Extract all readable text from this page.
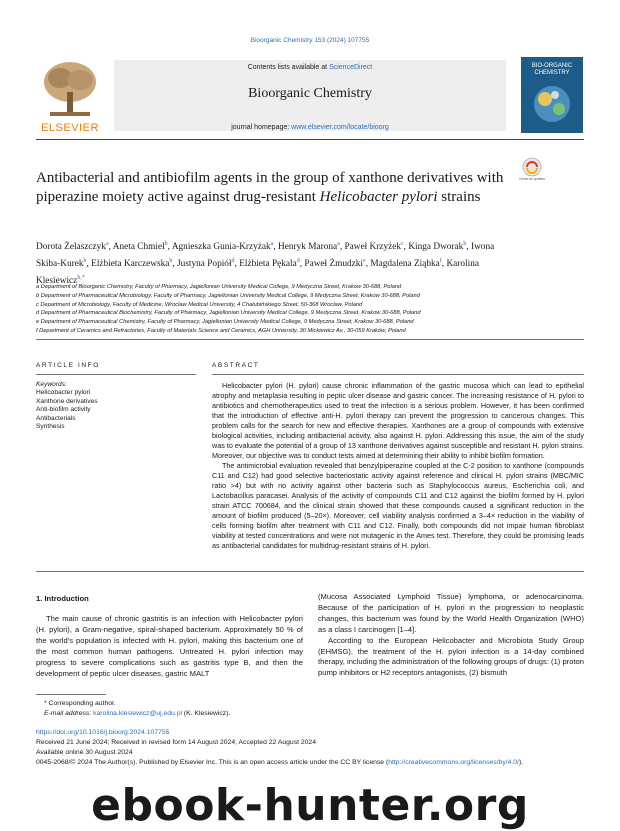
Bioorganic Chemistry 153 (2024) 107755
ELSEVIER
Contents lists available at ScienceDirect
Bioorganic Chemistry
journal homepage: www.elsevier.com/locate/bioorg
BIO-ORGANIC CHEMISTRY
Antibacterial and antibiofilm agents in the group of xanthone derivatives with piperazine moiety active against drug-resistant Helicobacter pylori strains
Check for updates
Dorota Żelaszczyk$^a$, Aneta Chmiel$^b$, Agnieszka Gunia-Krzyżak$^a$, Henryk Marona$^a$, Paweł Krzyżek$^c$, Kinga Dworak$^b$, Iwona Skiba-Kurek$^b$, Elżbieta Karczewska$^b$, Justyna Popiół$^d$, Elżbieta Pękala$^d$, Paweł Żmudzki$^e$, Magdalena Ziąbka$^f$, Karolina Klesiewicz$^{b,*}$
a Department of Bioorganic Chemistry, Faculty of Pharmacy, Jagiellonian University Medical College, 9 Medyczna Street, Krakow 30-688, Poland
b Department of Pharmaceutical Microbiology, Faculty of Pharmacy, Jagiellonian University Medical College, 9 Medyczna Street, Krakow 30-688, Poland
c Department of Microbiology, Faculty of Medicine, Wroclaw Medical University, 4 Chałubińskiego Street, 50-368 Wroclaw, Poland
d Department of Pharmaceutical Biochemistry, Faculty of Pharmacy, Jagiellonian University Medical College, 9 Medyczna Street, Krakow 30-688, Poland
e Department of Pharmaceutical Chemistry, Faculty of Pharmacy, Jagiellonian University Medical College, 9 Medyczna Street, Krakow 30-688, Poland
f Department of Ceramics and Refractories, Faculty of Materials Science and Ceramics, AGH University, 30 Mickiewicz Av., 30-059 Kraków, Poland
ARTICLE INFO	ABSTRACT
Keywords:
Helicobacter pylori
Xanthone derivatives
Anti-biofilm activity
Antibacterials
Synthesis

Helicobacter pylori (H. pylori) cause chronic inflammation of the gastric mucosa which can lead to epithelial atrophy and metaplasia resulting in peptic ulcer disease and gastric cancer. The increasing resistance of H. pylori to antibiotics and chemotherapeutics used to treat the infection is a serious problem. However, it has been confirmed that the introduction of effective anti-H. pylori therapy can prevent the progression to cancerous changes. This problem calls for the search for new and effective therapies. Xanthones are a group of compounds with extensive biological activities, including antibacterial activity, also against H. pylori. Addressing this issue, the aim of the study was to evaluate the potential of a group of 13 xanthone derivatives against susceptible and resistant H. pylori strains. Moreover, our objective was to conduct tests aimed at determining their ability to inhibit biofilm formation.

The antimicrobial evaluation revealed that benzylpiperazine coupled at the C-2 position to xanthone (compounds C11 and C12) had good selective bacteriostatic activity against reference and clinical H. pylori strains (MBC/MIC ratio >4) but with no activity against other bacteria such as Staphylococcus aureus, Escherichia coli, and Lactobacillus paracasei. Analysis of the activity of compounds C11 and C12 against the biofilm formed by H. pylori strain ATCC 700684, and the clinical strain showed that these compounds caused a significant reduction in the amount of biofilm produced (5–20×). Moreover, cell viability analysis confirmed a 3–4× reduction in the viability of cells forming biofilm after treatment with C11 and C12. Finally, both compounds did not impair human fibroblast viability at tested concentrations and were not mutagenic in the Ames test. Therefore, they could be promising leads as antibacterial candidates for multidrug-resistant strains of H. pylori.

1. Introduction

The main cause of chronic gastritis is an infection with Helicobacter pylori (H. pylori), a Gram-negative, spiral-shaped bacterium. Approximately 50 % of the world’s population is infected with H. pylori, making this bacterium one of the most common human pathogens. Untreated H. pylori infection may progress to severe complications such as gastritis type B, and then the development of peptic ulcer diseases, gastric MALT

(Mucosa Associated Lymphoid Tissue) lymphoma, or adenocarcinoma. Because of the participation of H. pylori in the progression to neoplastic changes, this bacterium was found by the World Health Organization (WHO) as a class I carcinogen [1–4].

According to the European Helicobacter and Microbiota Study Group (EHMSG), the treatment of the H. pylori infection is a 14-day combined therapy, including the administration of the following groups of drugs: (1) proton pump inhibitors or H2 receptors antagonists, (2) bismuth

* Corresponding author.
E-mail address: karolina.klesiewicz@uj.edu.pl (K. Klesiewicz).
https://doi.org/10.1016/j.bioorg.2024.107755
Received 21 June 2024; Received in revised form 14 August 2024; Accepted 22 August 2024
Available online 30 August 2024
0045-2068/© 2024 The Author(s). Published by Elsevier Inc. This is an open access article under the CC BY license (http://creativecommons.org/licenses/by/4.0/).
ebook-hunter.org
